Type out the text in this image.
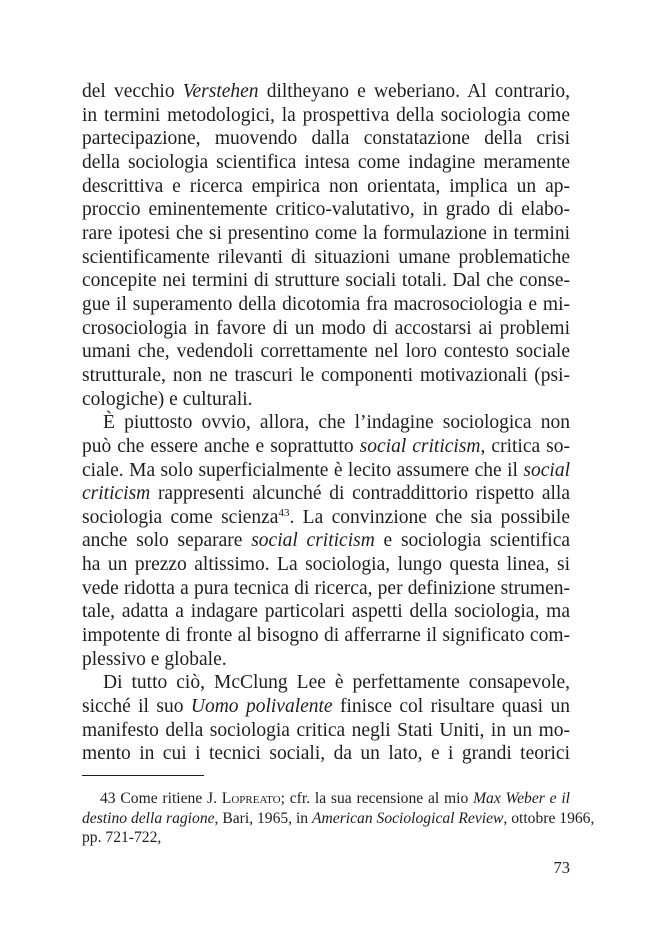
del vecchio Verstehen diltheyano e weberiano. Al contrario,
in termini metodologici, la prospettiva della sociologia come
partecipazione, muovendo dalla constatazione della crisi
della sociologia scientifica intesa come indagine meramente
descrittiva e ricerca empirica non orientata, implica un ap-
proccio eminentemente critico-valutativo, in grado di elabo-
rare ipotesi che si presentino come la formulazione in termini
scientificamente rilevanti di situazioni umane problematiche
concepite nei termini di strutture sociali totali. Dal che conse-
gue il superamento della dicotomia fra macrosociologia e mi-
crosociologia in favore di un modo di accostarsi ai problemi
umani che, vedendoli correttamente nel loro contesto sociale
strutturale, non ne trascuri le componenti motivazionali (psi-
cologiche) e culturali.
È piuttosto ovvio, allora, che l’indagine sociologica non
può che essere anche e soprattutto social criticism, critica so-
ciale. Ma solo superficialmente è lecito assumere che il social
criticism rappresenti alcunché di contraddittorio rispetto alla
sociologia come scienza$^{43}$. La convinzione che sia possibile
anche solo separare social criticism e sociologia scientifica
ha un prezzo altissimo. La sociologia, lungo questa linea, si
vede ridotta a pura tecnica di ricerca, per definizione strumen-
tale, adatta a indagare particolari aspetti della sociologia, ma
impotente di fronte al bisogno di afferrarne il significato com-
plessivo e globale.
Di tutto ciò, McClung Lee è perfettamente consapevole,
sicché il suo Uomo polivalente finisce col risultare quasi un
manifesto della sociologia critica negli Stati Uniti, in un mo-
mento in cui i tecnici sociali, da un lato, e i grandi teorici
43 Come ritiene J. Lopreato; cfr. la sua recensione al mio Max Weber e il
destino della ragione, Bari, 1965, in American Sociological Review, ottobre 1966,
pp. 721-722,
73
